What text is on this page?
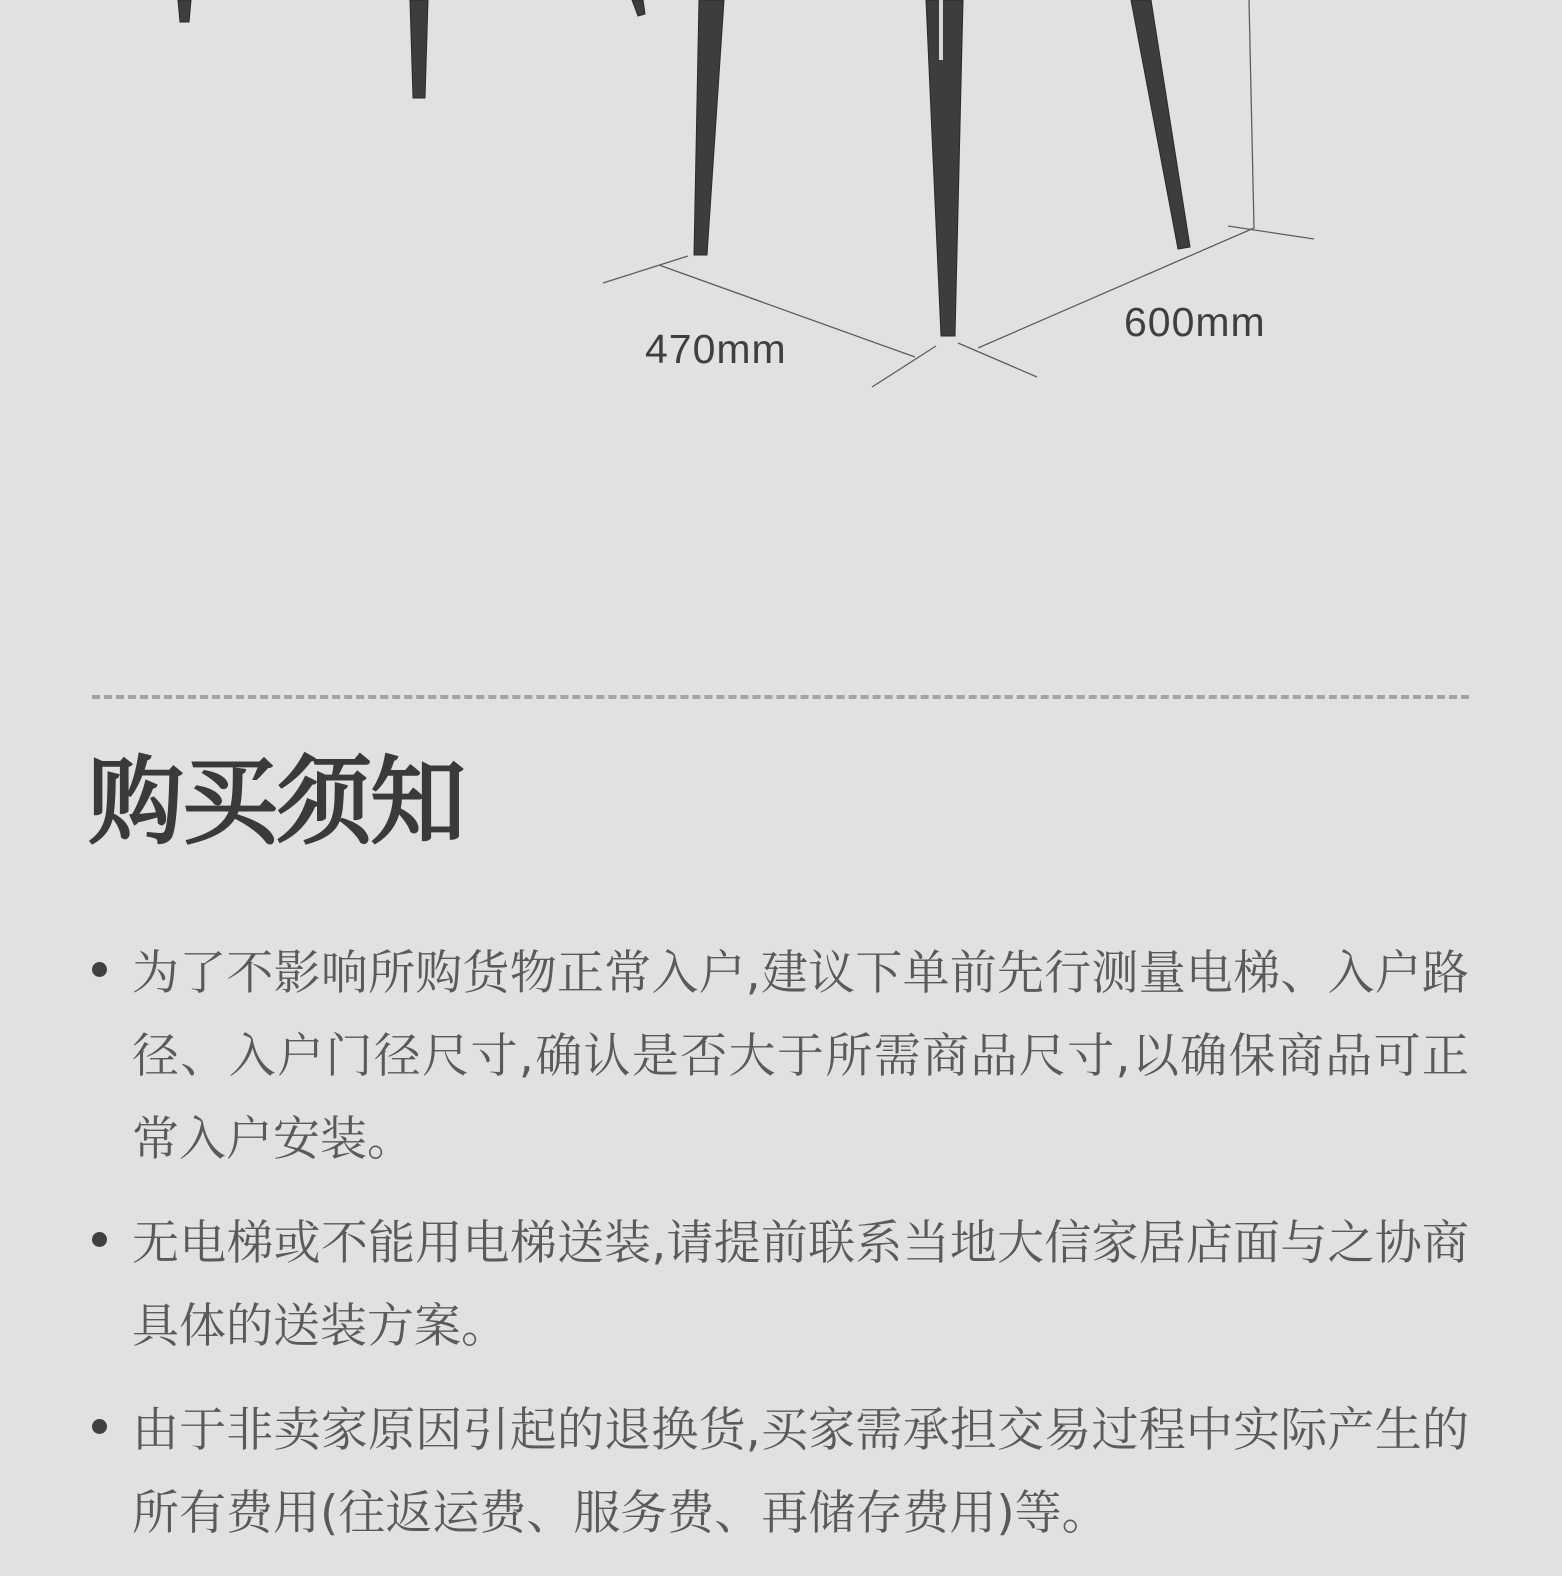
470mm
600mm
购买须知
为了不影响所购货物正常入户,建议下单前先行测量电梯、入户路径、入户门径尺寸,确认是否大于所需商品尺寸,以确保商品可正常入户安装。
无电梯或不能用电梯送装,请提前联系当地大信家居店面与之协商具体的送装方案。
由于非卖家原因引起的退换货,买家需承担交易过程中实际产生的所有费用(往返运费、服务费、再储存费用)等。
